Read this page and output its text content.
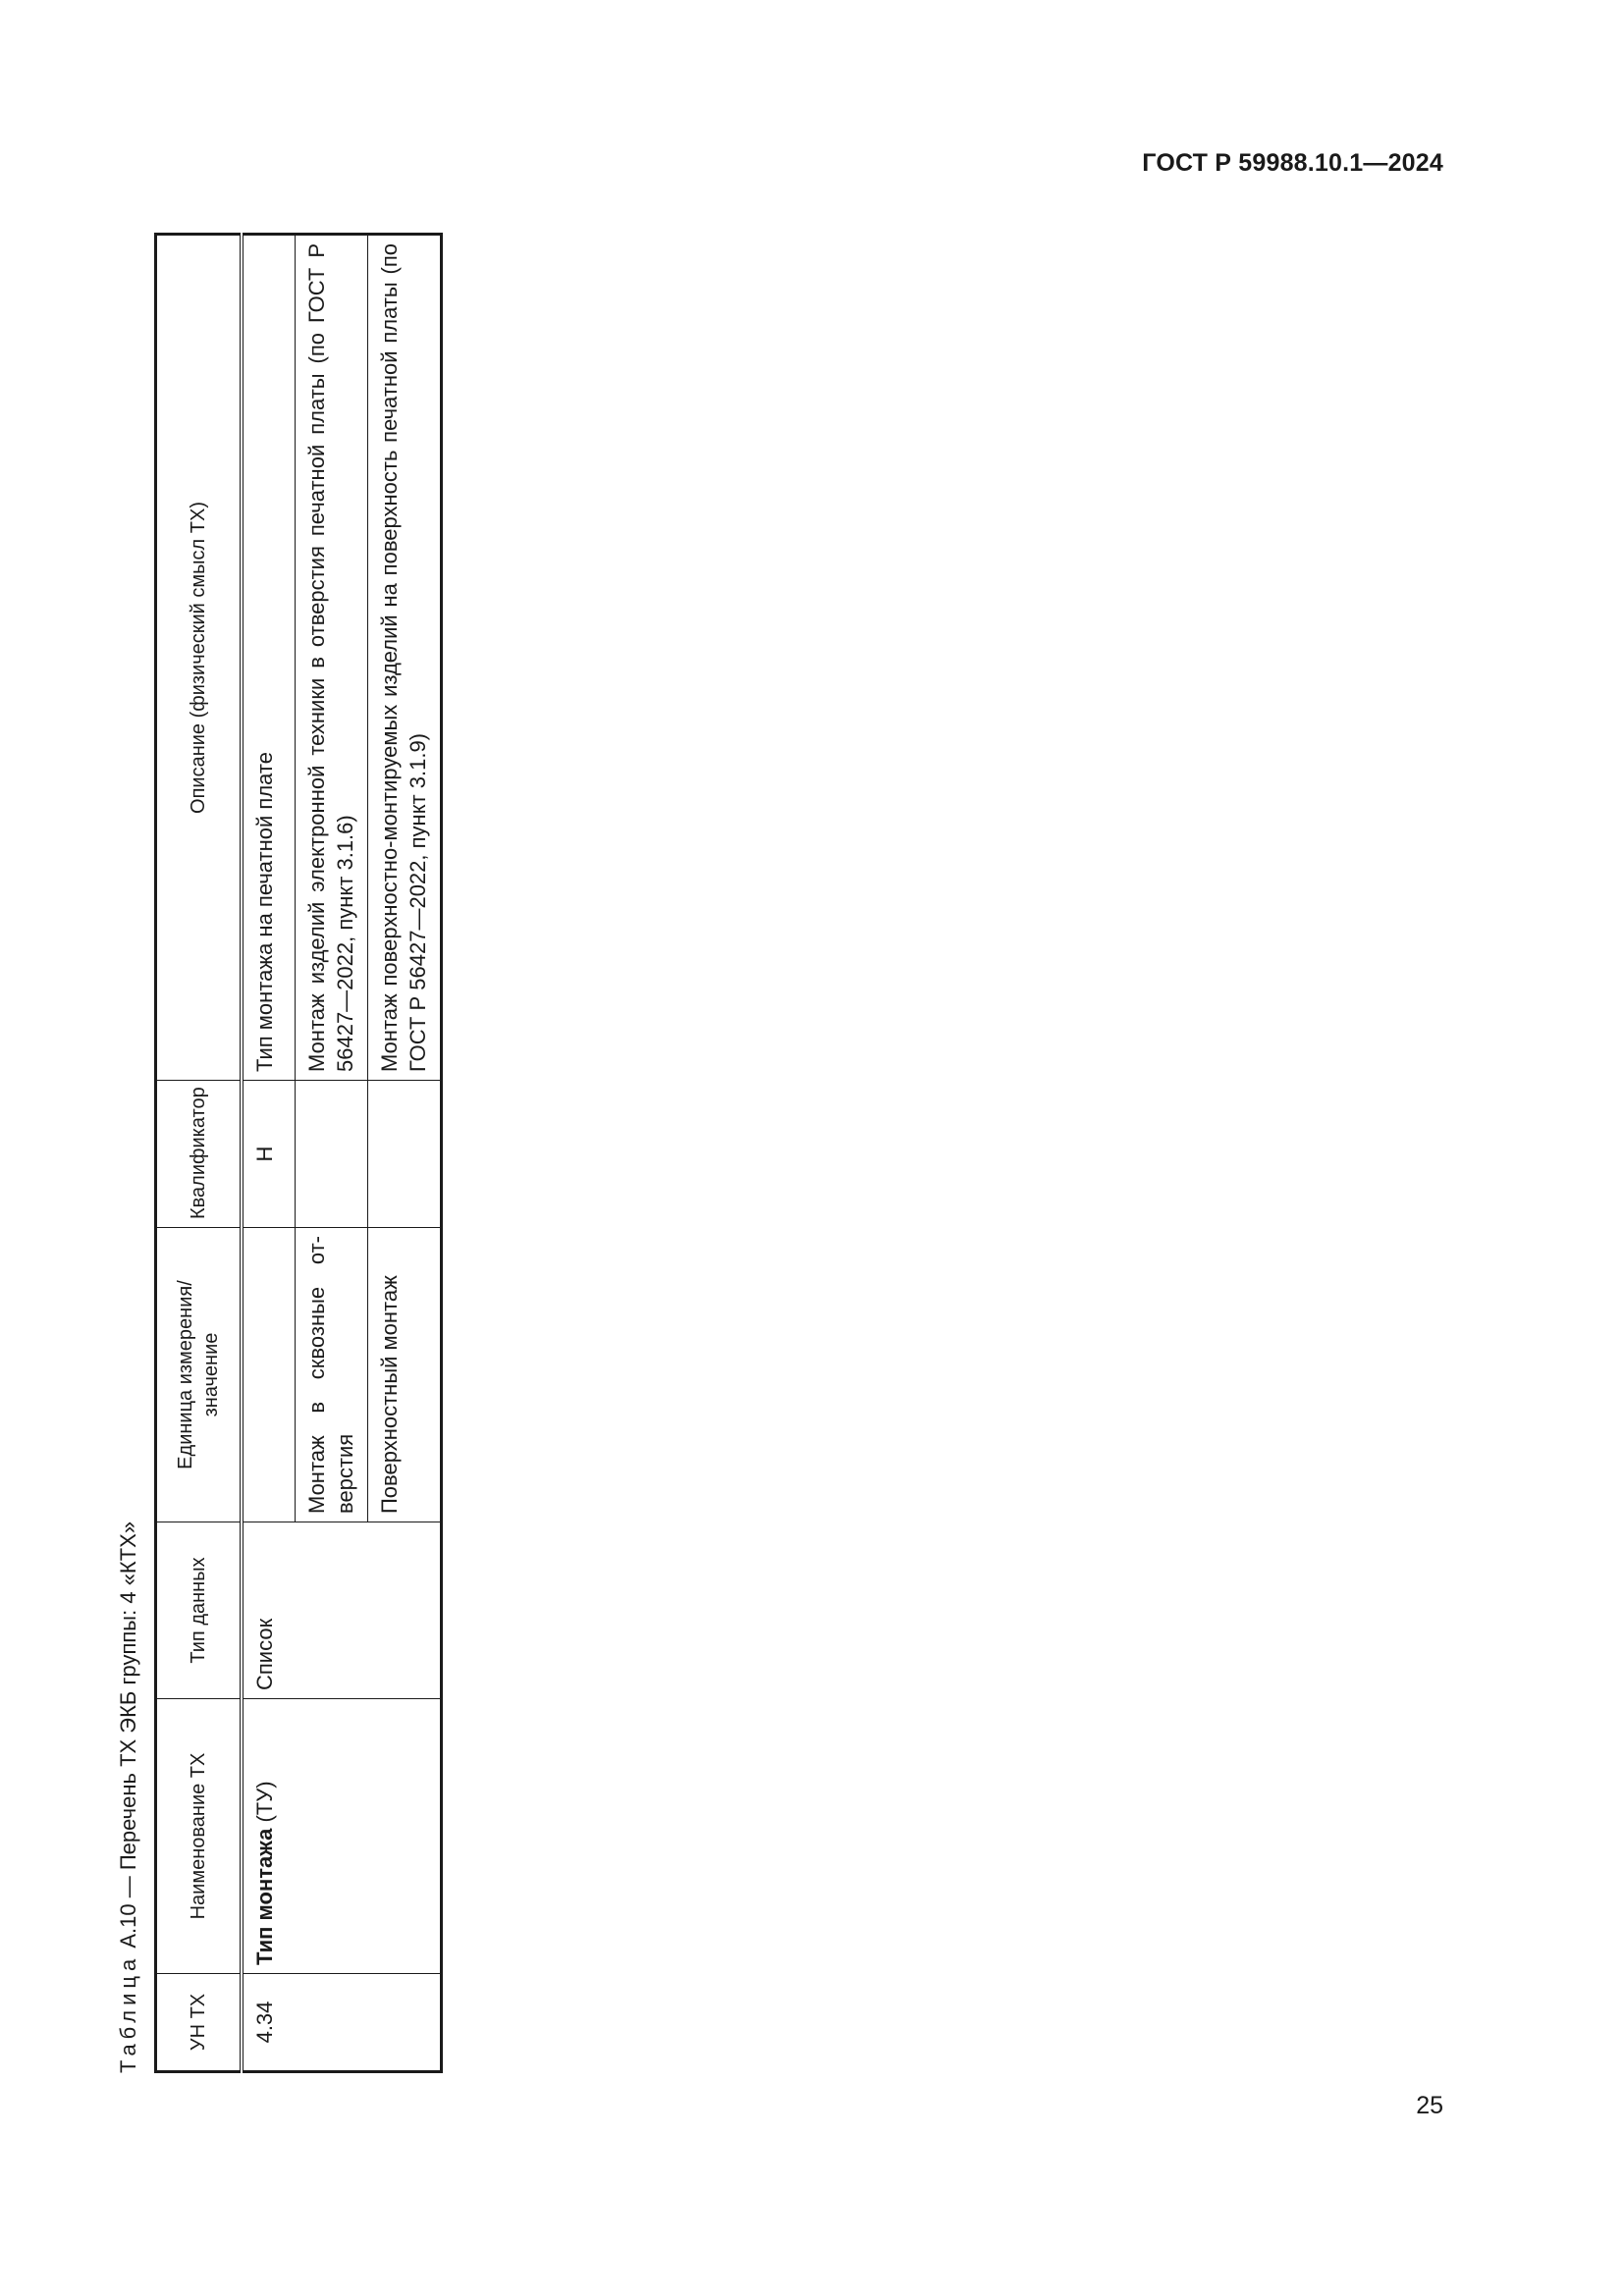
ГОСТ Р 59988.10.1—2024
Таблица А.10 — Перечень ТХ ЭКБ группы: 4 «КТХ»
УН ТХ	Наименование ТХ	Тип данных	Единица измерения/ значение	Квалификатор	Описание (физический смысл ТХ)
4.34	Тип монтажа (ТУ)	Список		Н	Тип монтажа на печатной плате
			Монтаж в сквозные отверстия		Монтаж изделий электронной техники в отверстия печатной платы (по ГОСТ Р 56427—2022, пункт 3.1.6)
			Поверхностный монтаж		Монтаж поверхностно-монтируемых изделий на поверхность печатной платы (по ГОСТ Р 56427—2022, пункт 3.1.9)
25
